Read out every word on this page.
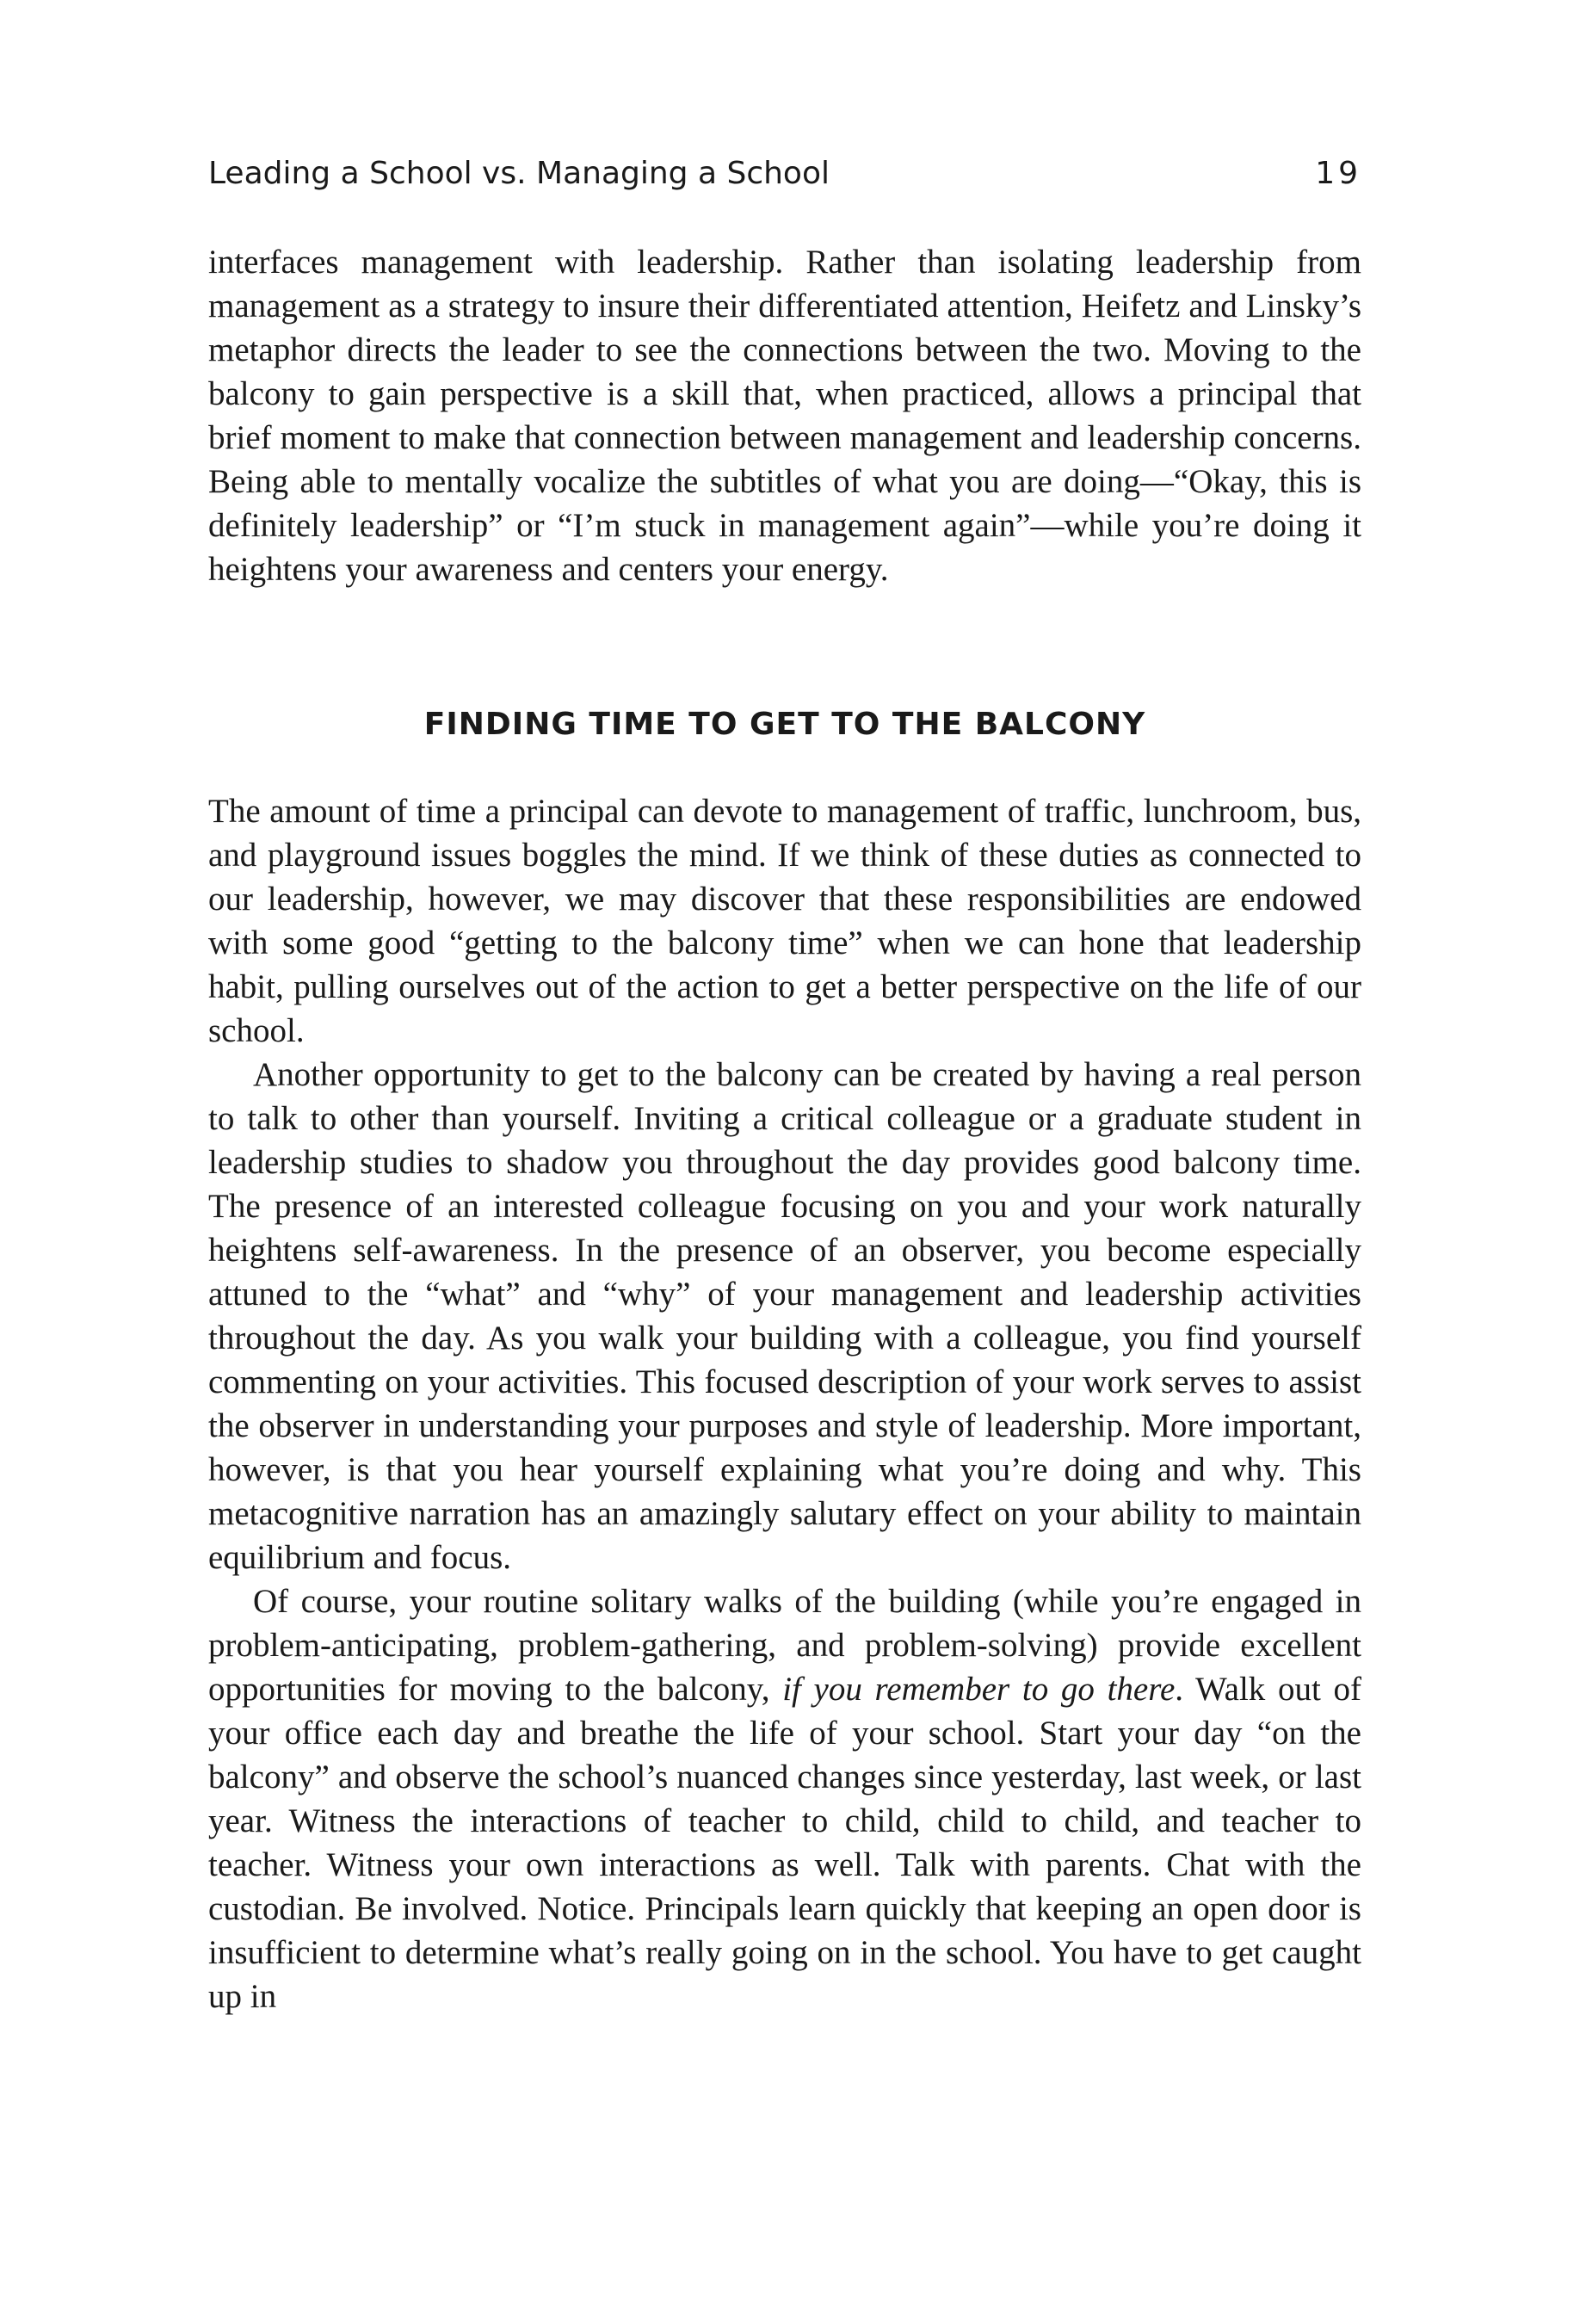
Leading a School vs. Managing a School	19

interfaces management with leadership. Rather than isolating leadership from management as a strategy to insure their differentiated attention, Heifetz and Linsky’s metaphor directs the leader to see the connections between the two. Moving to the balcony to gain perspective is a skill that, when practiced, allows a principal that brief moment to make that connection between management and leadership concerns. Being able to mentally vocalize the subtitles of what you are doing—“Okay, this is definitely leadership” or “I’m stuck in management again”—while you’re doing it heightens your awareness and centers your energy.

FINDING TIME TO GET TO THE BALCONY

The amount of time a principal can devote to management of traffic, lunchroom, bus, and playground issues boggles the mind. If we think of these duties as connected to our leadership, however, we may discover that these responsibilities are endowed with some good “getting to the balcony time” when we can hone that leadership habit, pulling ourselves out of the action to get a better perspective on the life of our school.

Another opportunity to get to the balcony can be created by having a real person to talk to other than yourself. Inviting a critical colleague or a graduate student in leadership studies to shadow you throughout the day provides good balcony time. The presence of an interested colleague focusing on you and your work naturally heightens self-awareness. In the presence of an observer, you become especially attuned to the “what” and “why” of your management and leadership activities throughout the day. As you walk your building with a colleague, you find yourself commenting on your activities. This focused description of your work serves to assist the observer in understanding your purposes and style of leadership. More important, however, is that you hear yourself explaining what you’re doing and why. This metacognitive narration has an amazingly salutary effect on your ability to maintain equilibrium and focus.

Of course, your routine solitary walks of the building (while you’re engaged in problem-anticipating, problem-gathering, and problem-solving) provide excellent opportunities for moving to the balcony, if you remember to go there. Walk out of your office each day and breathe the life of your school. Start your day “on the balcony” and observe the school’s nuanced changes since yesterday, last week, or last year. Witness the interactions of teacher to child, child to child, and teacher to teacher. Witness your own interactions as well. Talk with parents. Chat with the custodian. Be involved. Notice. Principals learn quickly that keeping an open door is insufficient to determine what’s really going on in the school. You have to get caught up in
